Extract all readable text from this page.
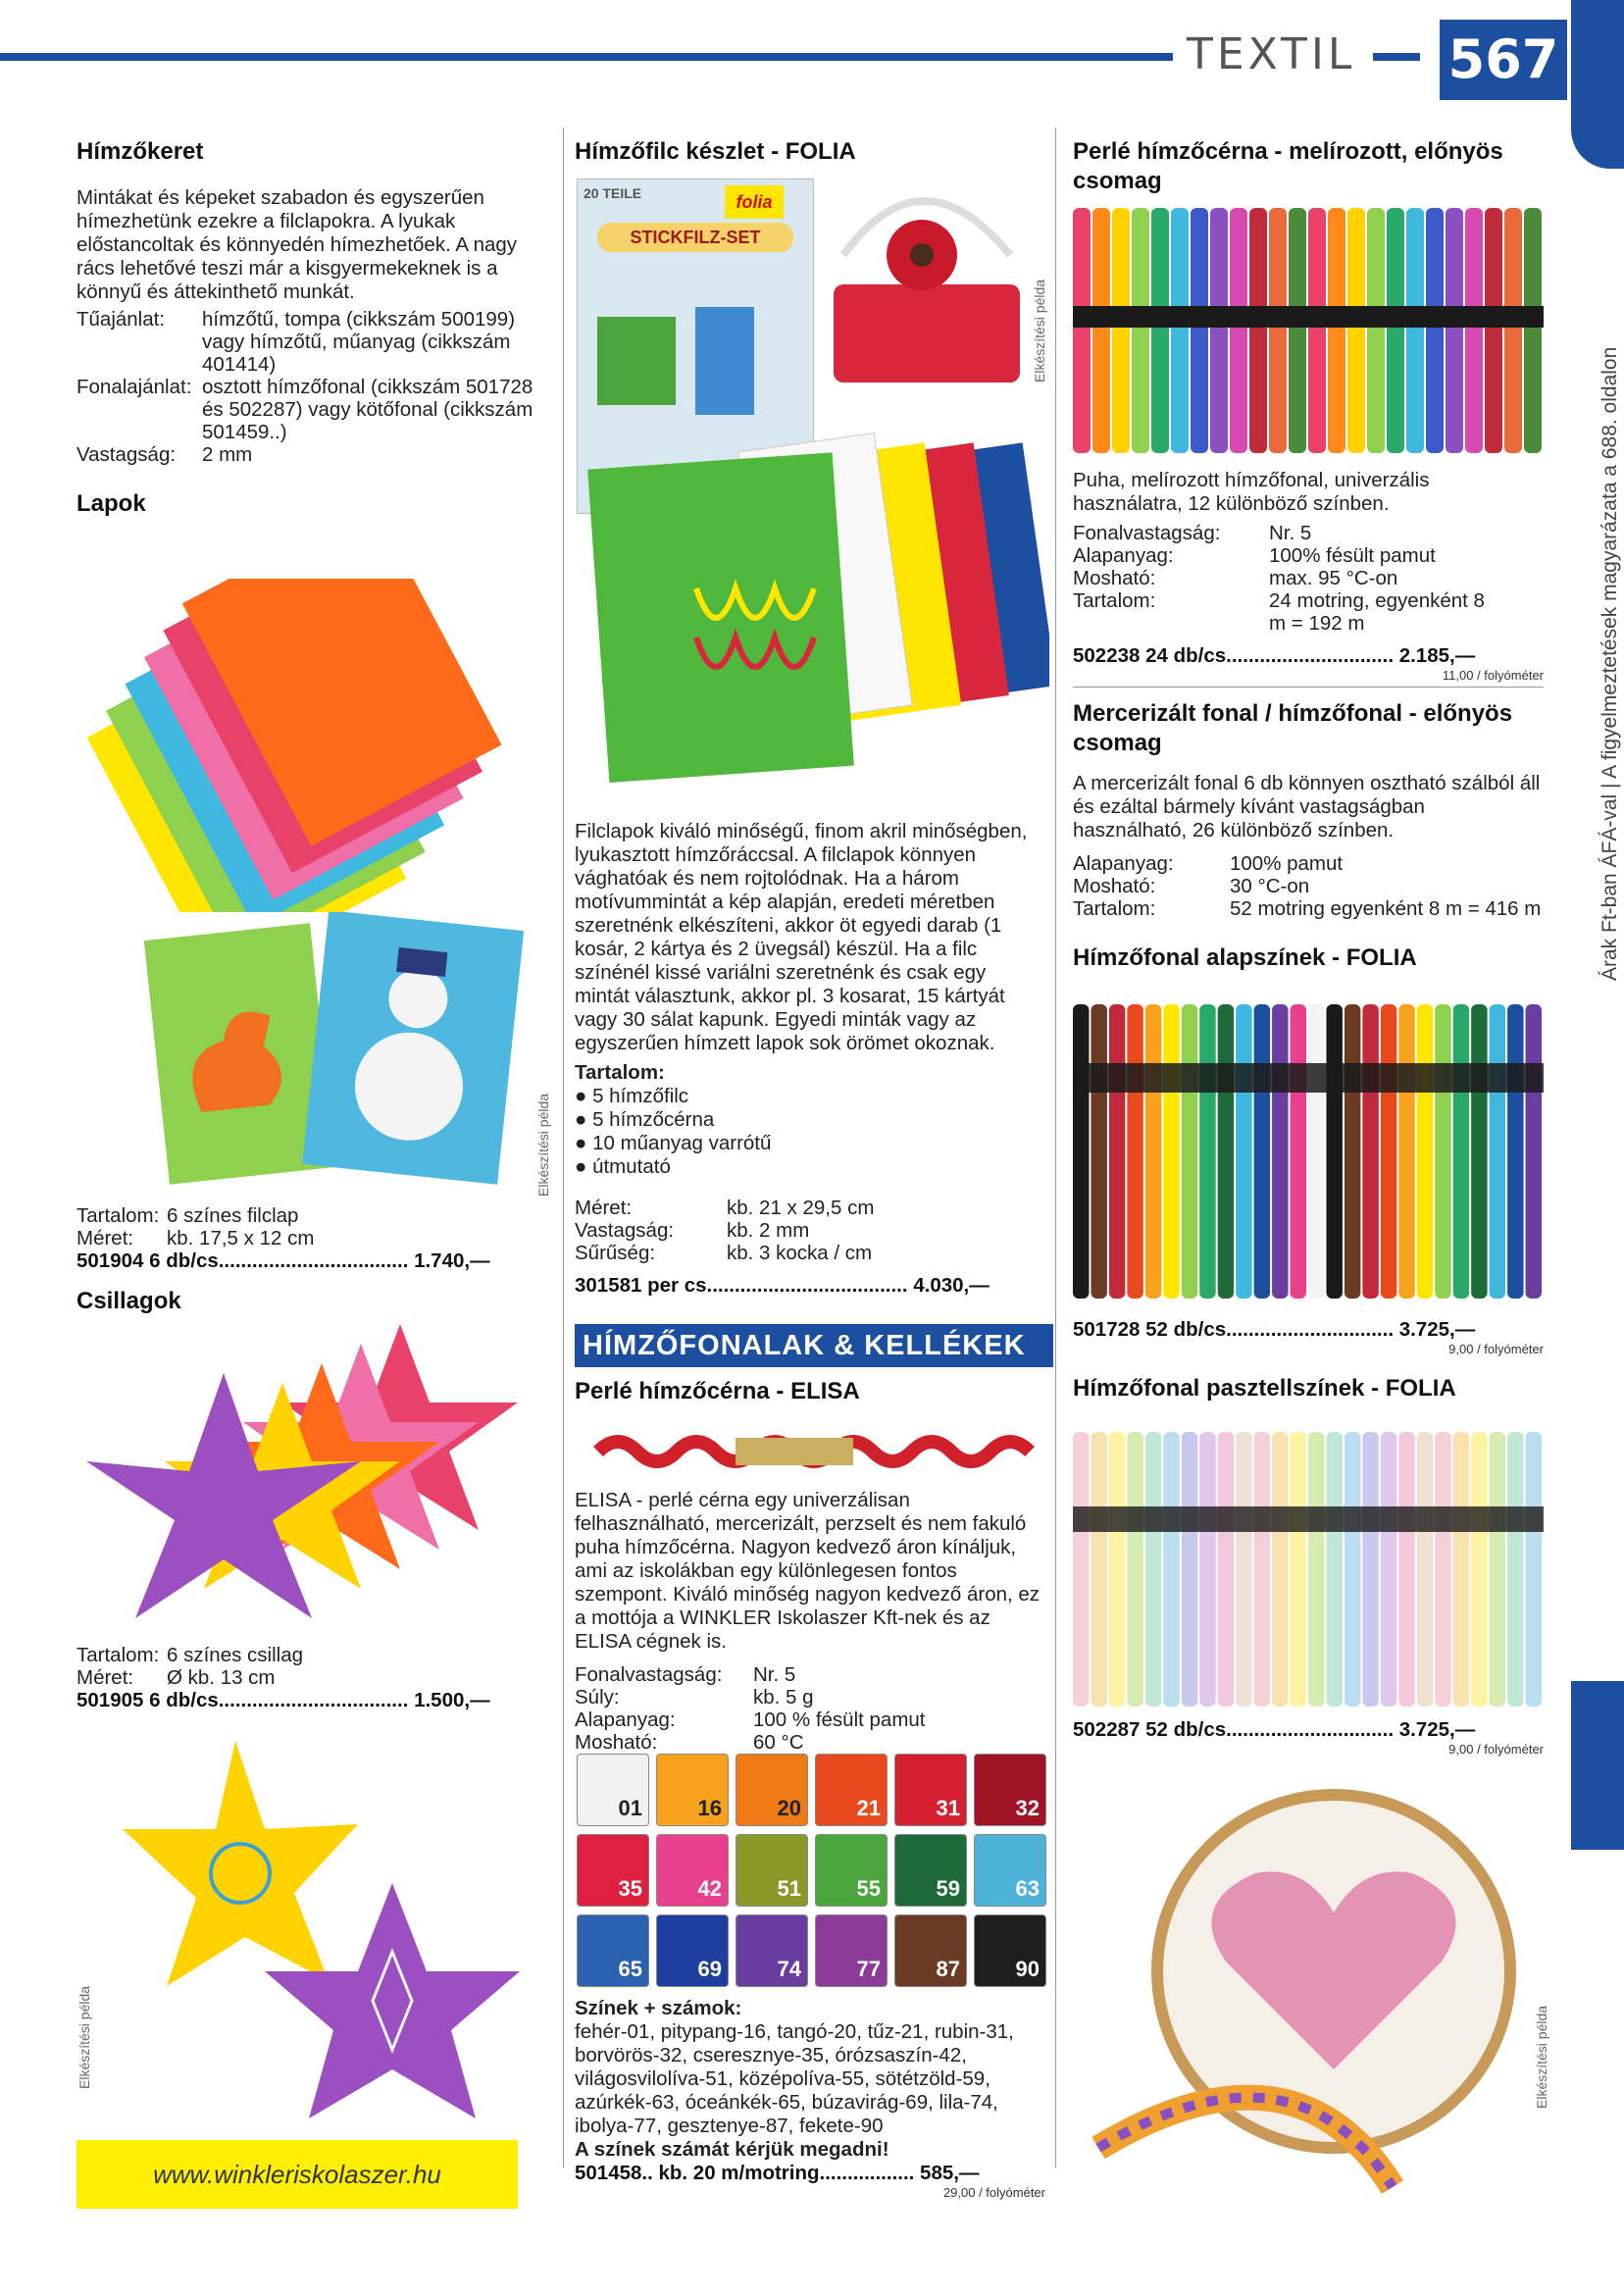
TEXTIL 567
Árak Ft-ban ÁFÁ-val | A figyelmeztetések magyarázata a 688. oldalon
Hímzőkeret
Mintákat és képeket szabadon és egyszerűen hímezhetünk ezekre a filclapokra. A lyukak előstancoltak és könnyedén hímezhetőek. A nagy rács lehetővé teszi már a kisgyermekeknek is a könnyű és áttekinthető munkát.
Tűajánlat:	hímzőtű, tompa (cikkszám 500199) vagy hímzőtű, műanyag (cikkszám 401414)
Fonalajánlat: osztott hímzőfonal (cikkszám 501728 és 502287) vagy kötőfonal (cikkszám 501459..)
Vastagság:	2 mm
Lapok
Elkészítési példa
Tartalom: 6 színes filclap
Méret:	kb. 17,5 x 12 cm
501904 6 db/cs.................................. 1.740,—
Csillagok
Tartalom: 6 színes csillag
Méret:	Ø kb. 13 cm
501905 6 db/cs.................................. 1.500,—
Elkészítési példa
www.winkleriskolaszer.hu
Hímzőfilc készlet - FOLIA
20 TEILE	folia
STICKFILZ-SET
Elkészítési példa
Filclapok kiváló minőségű, finom akril minőségben, lyukasztott hímzőráccsal. A filclapok könnyen vághatóak és nem rojtolódnak. Ha a három motívummintát a kép alapján, eredeti méretben szeretnénk elkészíteni, akkor öt egyedi darab (1 kosár, 2 kártya és 2 üvegsál) készül. Ha a filc színénél kissé variálni szeretnénk és csak egy mintát választunk, akkor pl. 3 kosarat, 15 kártyát vagy 30 sálat kapunk. Egyedi minták vagy az egyszerűen hímzett lapok sok örömet okoznak.
Tartalom:
● 5 hímzőfilc
● 5 hímzőcérna
● 10 műanyag varrótű
● útmutató
Méret:	kb. 21 x 29,5 cm
Vastagság:	kb. 2 mm
Sűrűség:	kb. 3 kocka / cm
301581 per cs.................................... 4.030,—
HÍMZŐFONALAK & KELLÉKEK
Perlé hímzőcérna - ELISA
ELISA - perlé cérna egy univerzálisan felhasználható, mercerizált, perzselt és nem fakuló puha hímzőcérna. Nagyon kedvező áron kínáljuk, ami az iskolákban egy különlegesen fontos szempont. Kiváló minőség nagyon kedvező áron, ez a mottója a WINKLER Iskolaszer Kft-nek és az ELISA cégnek is.
Fonalvastagság:	Nr. 5
Súly:	kb. 5 g
Alapanyag:	100 % fésült pamut
Mosható:	60 °C
01	16	20	21	31	32
35	42	51	55	59	63
65	69	74	77	87	90
Színek + számok:
fehér-01, pitypang-16, tangó-20, tűz-21, rubin-31, borvörös-32, cseresznye-35, órózsaszín-42, világosvilolíva-51, középolíva-55, sötétzöld-59, azúrkék-63, óceánkék-65, búzavirág-69, lila-74, ibolya-77, gesztenye-87, fekete-90
A színek számát kérjük megadni!
501458.. kb. 20 m/motring................. 585,—
29,00 / folyóméter
Perlé hímzőcérna - melírozott, előnyös csomag
Puha, melírozott hímzőfonal, univerzális használatra, 12 különböző színben.
Fonalvastagság:	Nr. 5
Alapanyag:	100% fésült pamut
Mosható:	max. 95 °C-on
Tartalom:	24 motring, egyenként 8 m = 192 m
502238 24 db/cs.............................. 2.185,—
11,00 / folyóméter
Mercerizált fonal / hímzőfonal - előnyös csomag
A mercerizált fonal 6 db könnyen osztható szálból áll és ezáltal bármely kívánt vastagságban használható, 26 különböző színben.
Alapanyag:	100% pamut
Mosható:	30 °C-on
Tartalom:	52 motring egyenként 8 m = 416 m
Hímzőfonal alapszínek - FOLIA
501728 52 db/cs.............................. 3.725,—
9,00 / folyóméter
Hímzőfonal pasztellszínek - FOLIA
502287 52 db/cs.............................. 3.725,—
9,00 / folyóméter
Elkészítési példa
